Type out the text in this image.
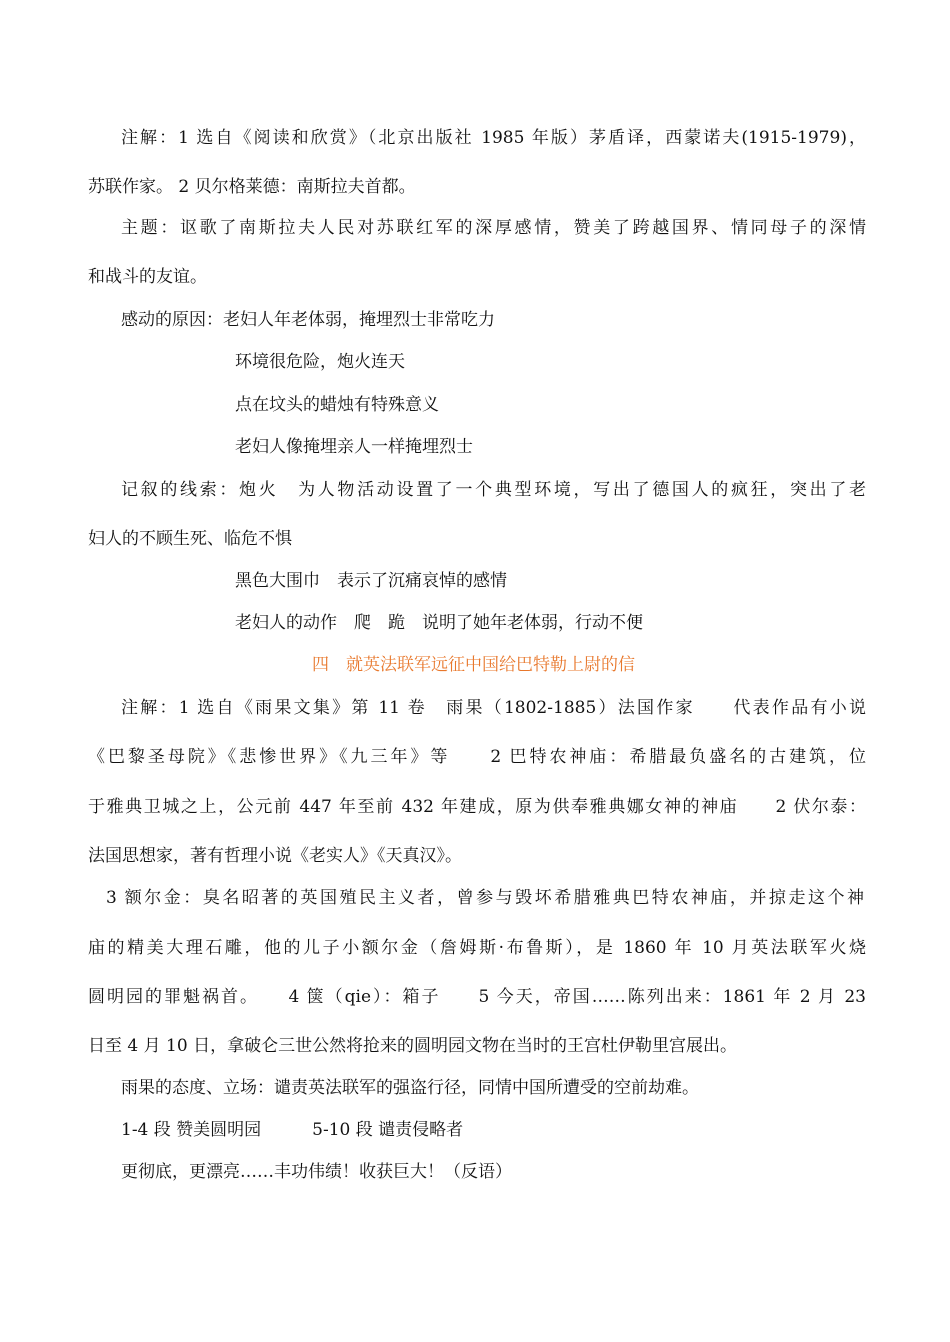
注解：1 选自《阅读和欣赏》（北京出版社 1985 年版）茅盾译，西蒙诺夫(1915-1979)，
苏联作家。 2 贝尔格莱德：南斯拉夫首都。
主题：讴歌了南斯拉夫人民对苏联红军的深厚感情，赞美了跨越国界、情同母子的深情
和战斗的友谊。
感动的原因：老妇人年老体弱，掩埋烈士非常吃力
环境很危险，炮火连天
点在坟头的蜡烛有特殊意义
老妇人像掩埋亲人一样掩埋烈士
记叙的线索：炮火　为人物活动设置了一个典型环境，写出了德国人的疯狂，突出了老
妇人的不顾生死、临危不惧
黑色大围巾　表示了沉痛哀悼的感情
老妇人的动作　爬　跪　说明了她年老体弱，行动不便
四　就英法联军远征中国给巴特勒上尉的信
注解：1 选自《雨果文集》第 11 卷　雨果（1802-1885）法国作家　　代表作品有小说
《巴黎圣母院》《悲惨世界》《九三年》等　　2 巴特农神庙：希腊最负盛名的古建筑，位
于雅典卫城之上，公元前 447 年至前 432 年建成，原为供奉雅典娜女神的神庙　　2 伏尔泰：
法国思想家，著有哲理小说《老实人》《天真汉》。
3 额尔金：臭名昭著的英国殖民主义者，曾参与毁坏希腊雅典巴特农神庙，并掠走这个神
庙的精美大理石雕，他的儿子小额尔金（詹姆斯·布鲁斯），是 1860 年 10 月英法联军火烧
圆明园的罪魁祸首。　　4 箧（qie）：箱子　　5 今天，帝国……陈列出来：1861 年 2 月 23
日至 4 月 10 日，拿破仑三世公然将抢来的圆明园文物在当时的王宫杜伊勒里宫展出。
雨果的态度、立场：谴责英法联军的强盗行径，同情中国所遭受的空前劫难。
1-4 段 赞美圆明园　　　5-10 段 谴责侵略者
更彻底，更漂亮……丰功伟绩！收获巨大！（反语）
